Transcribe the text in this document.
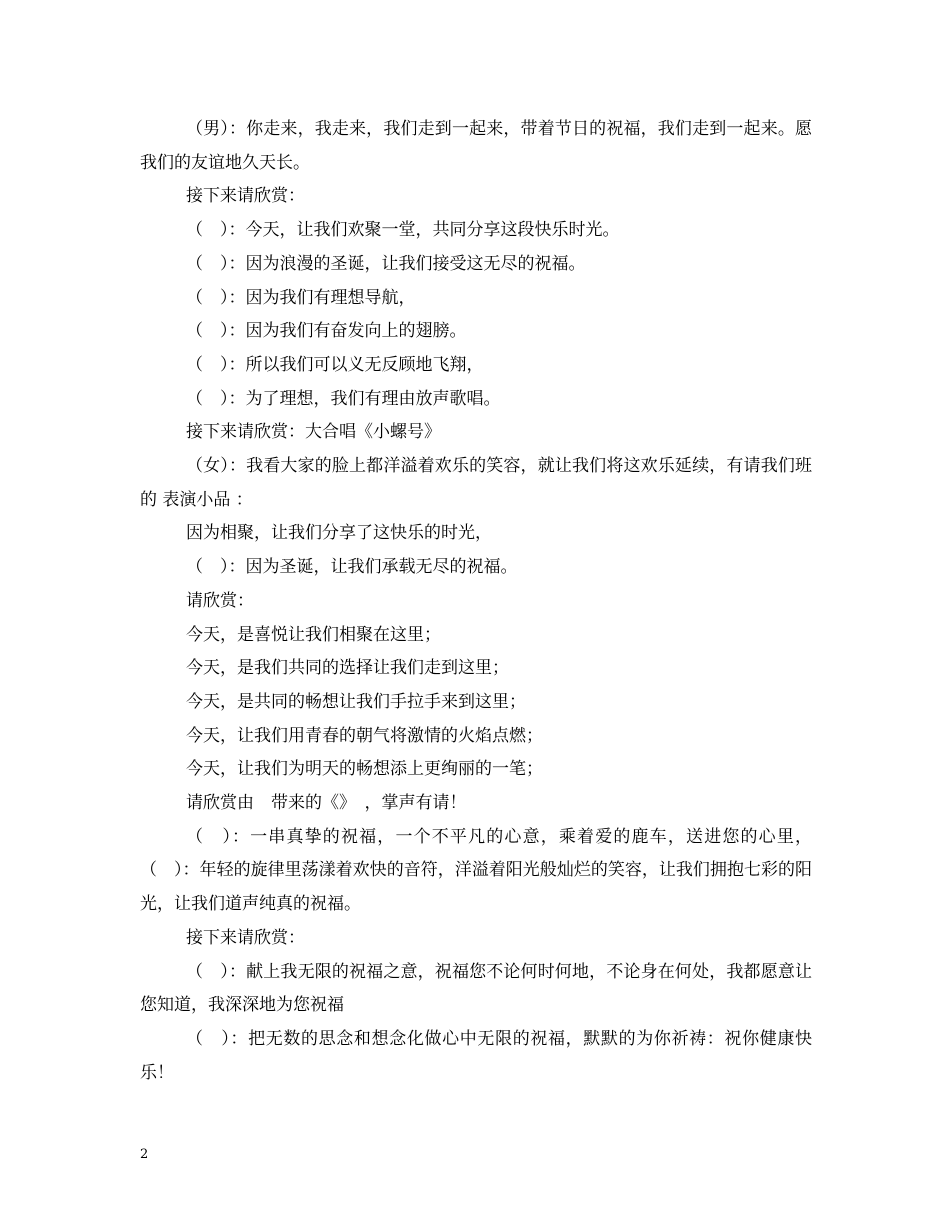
（男）：你走来，我走来，我们走到一起来，带着节日的祝福，我们走到一起来。愿我们的友谊地久天长。

接下来请欣赏：

（　）：今天，让我们欢聚一堂，共同分享这段快乐时光。

（　）：因为浪漫的圣诞，让我们接受这无尽的祝福。

（　）：因为我们有理想导航，

（　）：因为我们有奋发向上的翅膀。

（　）：所以我们可以义无反顾地飞翔，

（　）：为了理想，我们有理由放声歌唱。

接下来请欣赏：大合唱《小螺号》

（女）：我看大家的脸上都洋溢着欢乐的笑容，就让我们将这欢乐延续，有请我们班的 表演小品 ：

因为相聚，让我们分享了这快乐的时光，

（　）：因为圣诞，让我们承载无尽的祝福。

请欣赏：

今天，是喜悦让我们相聚在这里；

今天，是我们共同的选择让我们走到这里；

今天，是共同的畅想让我们手拉手来到这里；

今天，让我们用青春的朝气将激情的火焰点燃；

今天，让我们为明天的畅想添上更绚丽的一笔；

请欣赏由　带来的《》　，掌声有请！

（　）：一串真挚的祝福，一个不平凡的心意，乘着爱的鹿车，送进您的心里，（　）：年轻的旋律里荡漾着欢快的音符，洋溢着阳光般灿烂的笑容，让我们拥抱七彩的阳光，让我们道声纯真的祝福。

接下来请欣赏：

（　）：献上我无限的祝福之意，祝福您不论何时何地，不论身在何处，我都愿意让您知道，我深深地为您祝福

（　）：把无数的思念和想念化做心中无限的祝福，默默的为你祈祷：祝你健康快乐！

2
